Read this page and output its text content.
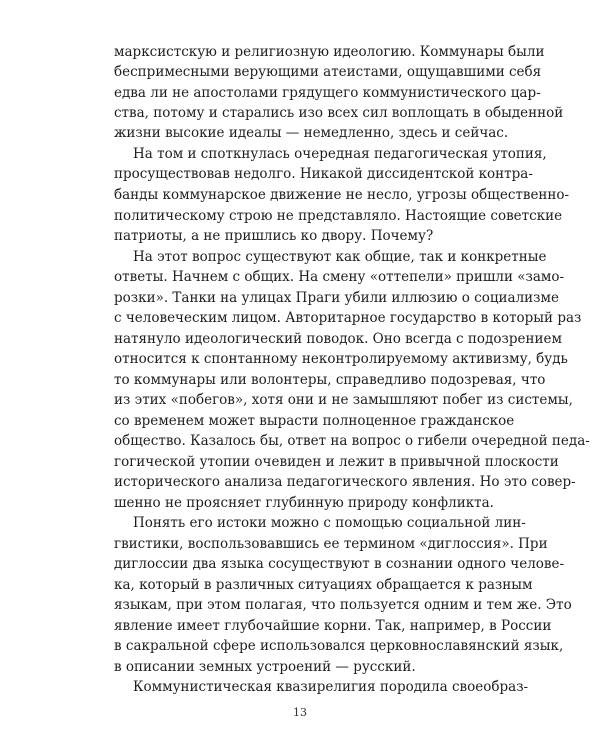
марксистскую и религиозную идеологию. Коммунары были
беспримесными верующими атеистами, ощущавшими себя
едва ли не апостолами грядущего коммунистического цар-
ства, потому и старались изо всех сил воплощать в обыденной
жизни высокие идеалы — немедленно, здесь и сейчас.
На том и споткнулась очередная педагогическая утопия,
просуществовав недолго. Никакой диссидентской контра-
банды коммунарское движение не несло, угрозы общественно-
политическому строю не представляло. Настоящие советские
патриоты, а не пришлись ко двору. Почему?
На этот вопрос существуют как общие, так и конкретные
ответы. Начнем с общих. На смену «оттепели» пришли «замо-
розки». Танки на улицах Праги убили иллюзию о социализме
с человеческим лицом. Авторитарное государство в который раз
натянуло идеологический поводок. Оно всегда с подозрением
относится к спонтанному неконтролируемому активизму, будь
то коммунары или волонтеры, справедливо подозревая, что
из этих «побегов», хотя они и не замышляют побег из системы,
со временем может вырасти полноценное гражданское
общество. Казалось бы, ответ на вопрос о гибели очередной педа-
гогической утопии очевиден и лежит в привычной плоскости
исторического анализа педагогического явления. Но это совер-
шенно не проясняет глубинную природу конфликта.
Понять его истоки можно с помощью социальной лин-
гвистики, воспользовавшись ее термином «диглоссия». При
диглоссии два языка сосуществуют в сознании одного челове-
ка, который в различных ситуациях обращается к разным
языкам, при этом полагая, что пользуется одним и тем же. Это
явление имеет глубочайшие корни. Так, например, в России
в сакральной сфере использовался церковнославянский язык,
в описании земных устроений — русский.
Коммунистическая квазирелигия породила своеобраз-
13
